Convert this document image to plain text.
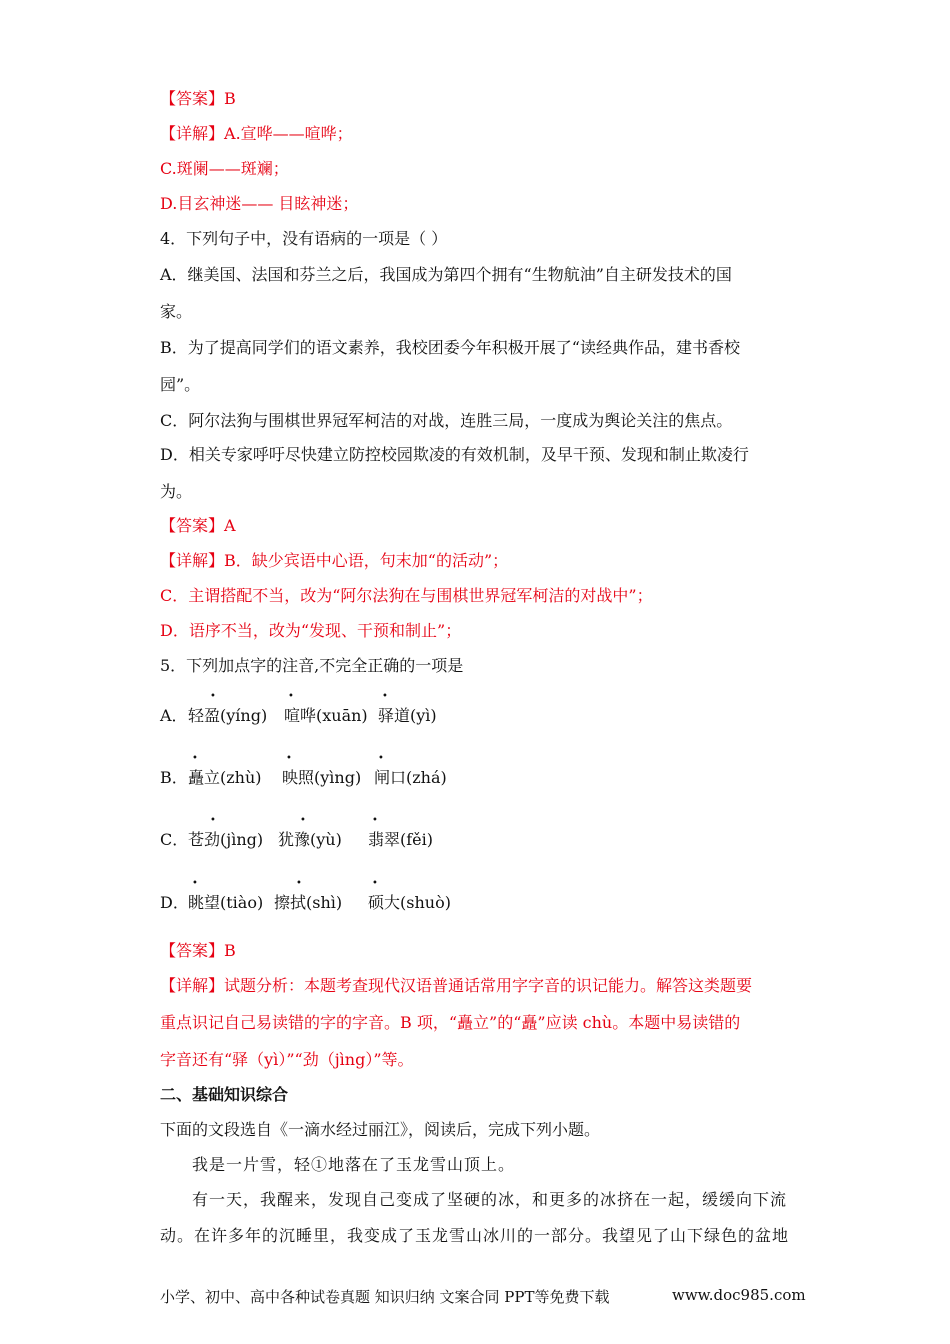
【答案】B
【详解】A.宣哗——喧哗；
C.斑阑——斑斓；
D.目玄神迷—— 目眩神迷；
4．下列句子中，没有语病的一项是（ ）
A．继美国、法国和芬兰之后，我国成为第四个拥有“生物航油”自主研发技术的国
家。
B．为了提高同学们的语文素养，我校团委今年积极开展了“读经典作品，建书香校
园”。
C．阿尔法狗与围棋世界冠军柯洁的对战，连胜三局，一度成为舆论关注的焦点。
D．相关专家呼吁尽快建立防控校园欺凌的有效机制，及早干预、发现和制止欺凌行
为。
【答案】A
【详解】B．缺少宾语中心语，句末加“的活动”；
C．主谓搭配不当，改为“阿尔法狗在与围棋世界冠军柯洁的对战中”；
D．语序不当，改为“发现、干预和制止”；
5．下列加点字的注音,不完全正确的一项是
A．
•
轻盈(yíng)
•
喧哗(xuān)
•
驿道(yì)
B．
•
矗立(zhù)
•
映照(yìng)
•
闸口(zhá)
C．
•
苍劲(jìng)
•
犹豫(yù)
•
翡翠(fěi)
D．
•
眺望(tiào)
•
擦拭(shì)
•
硕大(shuò)
【答案】B
【详解】试题分析：本题考查现代汉语普通话常用字字音的识记能力。解答这类题要
重点识记自己易读错的字的字音。B 项，“矗立”的“矗”应读 chù。本题中易读错的
字音还有“驿（yì）”“劲（jìng）”等。
二、基础知识综合
下面的文段选自《一滴水经过丽江》，阅读后，完成下列小题。
我是一片雪，轻①地落在了玉龙雪山顶上。
有一天，我醒来，发现自己变成了坚硬的冰，和更多的冰挤在一起，缓缓向下流
动。在许多年的沉睡里，我变成了玉龙雪山冰川的一部分。我望见了山下绿色的盆地
小学、初中、高中各种试卷真题 知识归纳 文案合同 PPT等免费下载	www.doc985.com
